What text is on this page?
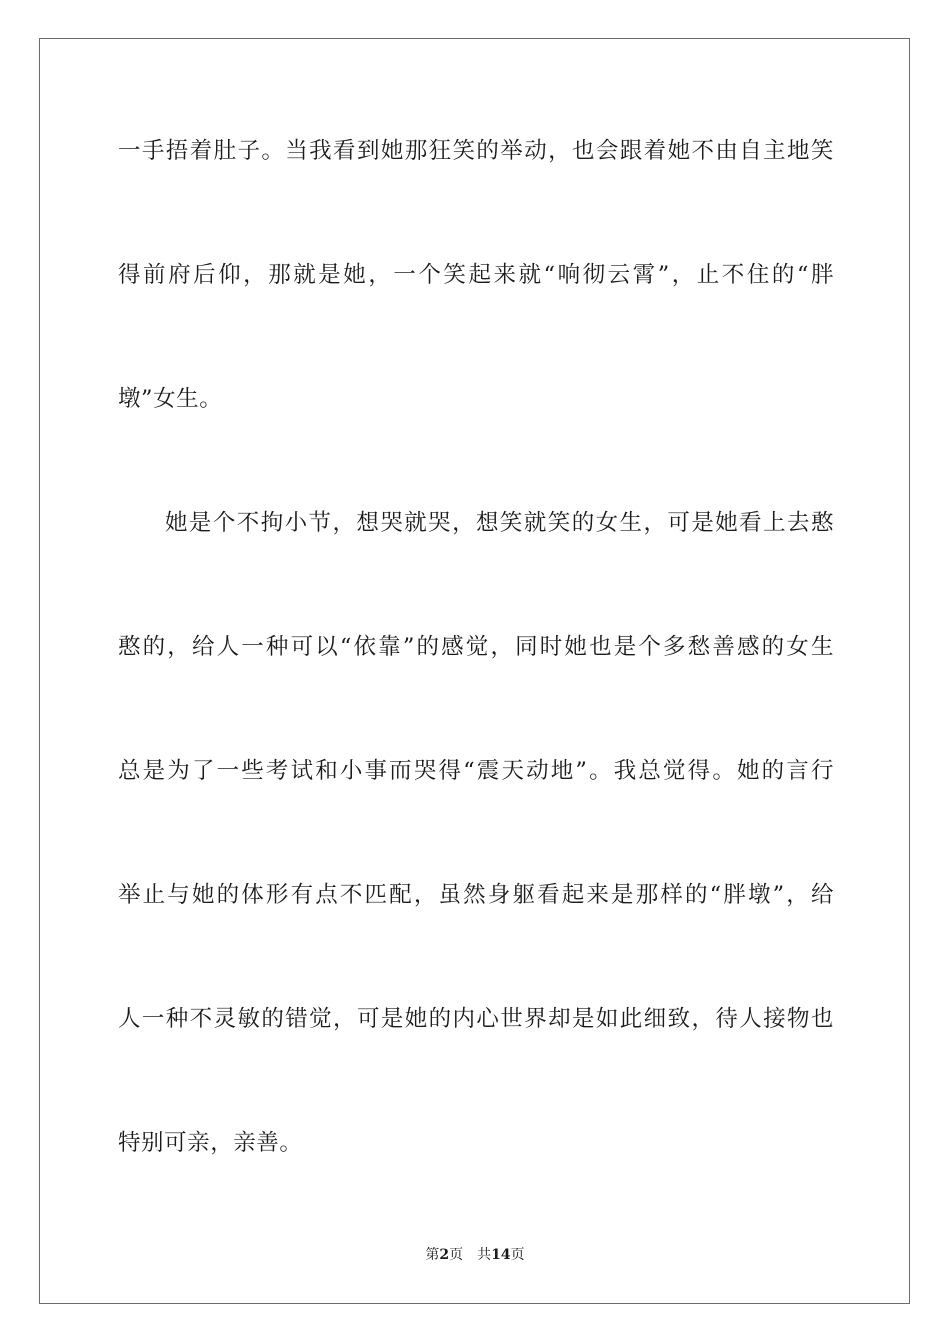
一手捂着肚子。当我看到她那狂笑的举动，也会跟着她不由自主地笑
得前府后仰，那就是她，一个笑起来就“响彻云霄”，止不住的“胖
墩”女生。
她是个不拘小节，想哭就哭，想笑就笑的女生，可是她看上去憨
憨的，给人一种可以“依靠”的感觉，同时她也是个多愁善感的女生
总是为了一些考试和小事而哭得“震天动地”。我总觉得。她的言行
举止与她的体形有点不匹配，虽然身躯看起来是那样的“胖墩”，给
人一种不灵敏的错觉，可是她的内心世界却是如此细致，待人接物也
特别可亲，亲善。
第2页 共14页
